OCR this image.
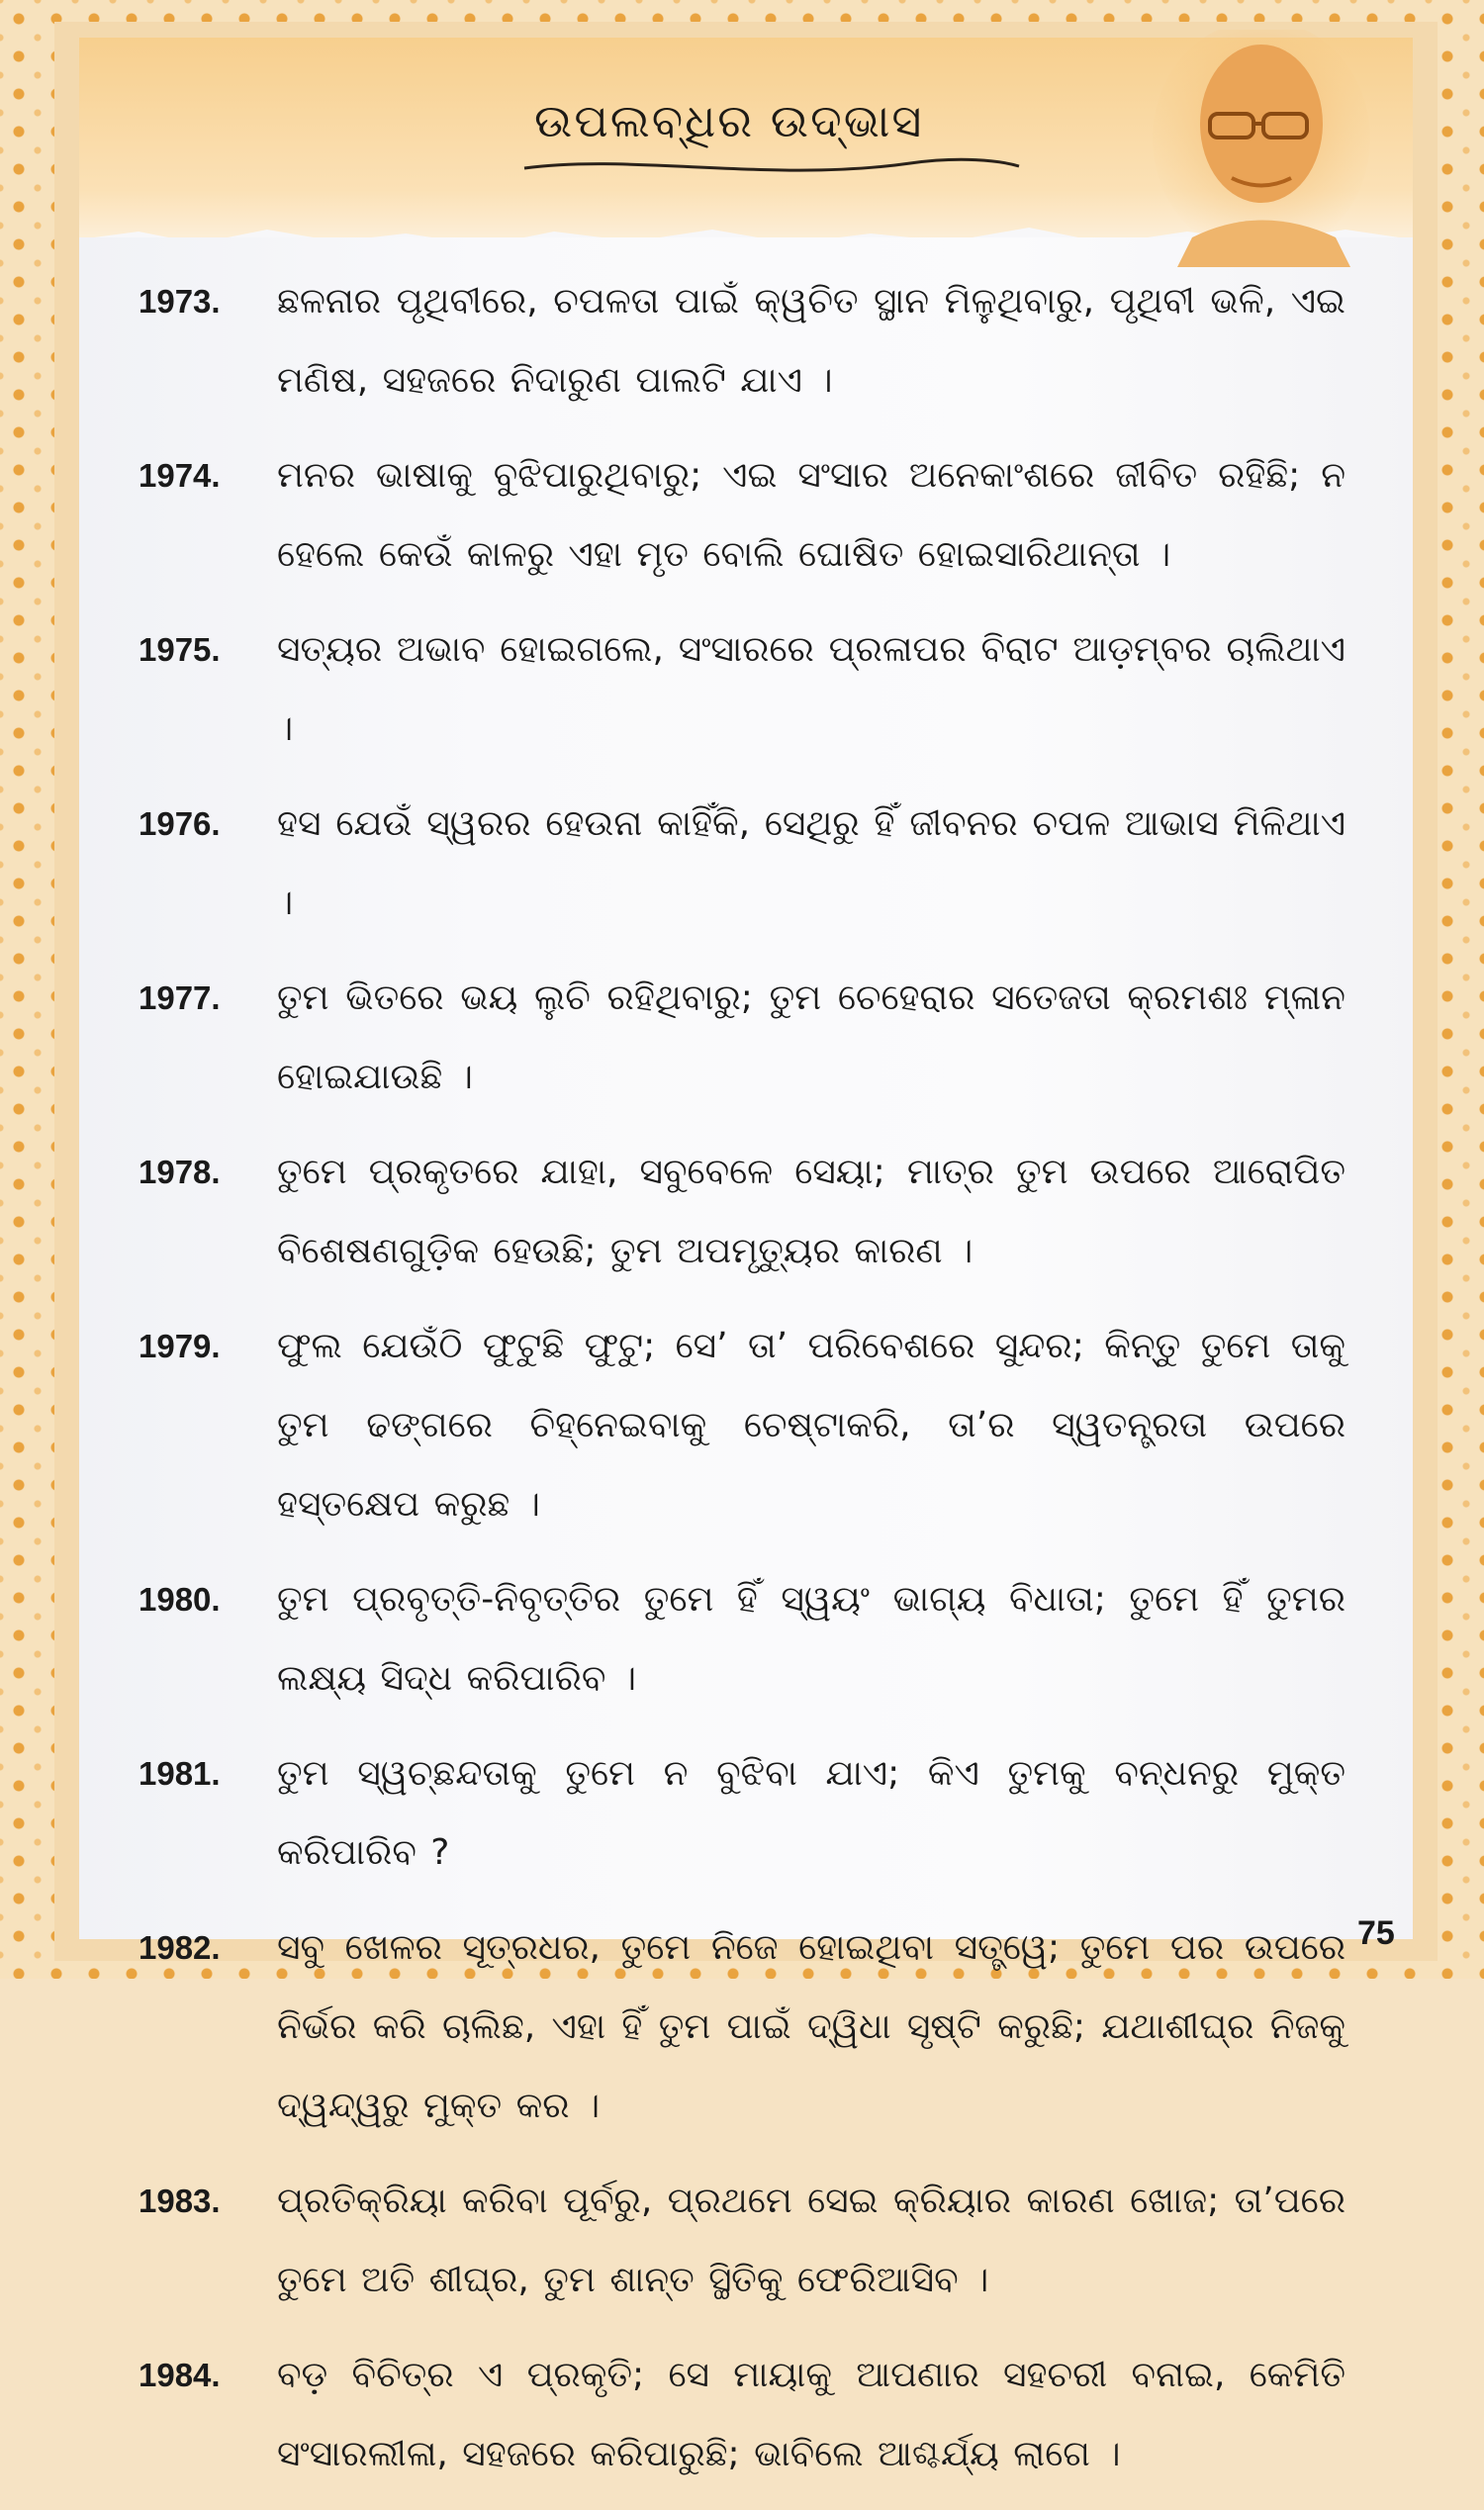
ଉପଲବ୍ଧିର ଉଦ୍‌ଭାସ
1973.	ଛଳନାର ପୃଥିବୀରେ, ଚପଳତା ପାଇଁ କ୍ୱଚିତ ସ୍ଥାନ ମିଳୁଥିବାରୁ, ପୃଥିବୀ ଭଳି, ଏଇ ମଣିଷ, ସହଜରେ ନିଦାରୁଣ ପାଲଟି ଯାଏ ।
1974.	ମନର ଭାଷାକୁ ବୁଝିପାରୁଥିବାରୁ; ଏଇ ସଂସାର ଅନେକାଂଶରେ ଜୀବିତ ରହିଛି; ନ ହେଲେ କେଉଁ କାଳରୁ ଏହା ମୃତ ବୋଲି ଘୋଷିତ ହୋଇସାରିଥାନ୍ତା ।
1975.	ସତ୍ୟର ଅଭାବ ହୋଇଗଲେ, ସଂସାରରେ ପ୍ରଳାପର ବିରାଟ ଆଡ଼ମ୍ବର ଚାଲିଥାଏ ।
1976.	ହସ ଯେଉଁ ସ୍ୱରର ହେଉନା କାହିଁକି, ସେଥିରୁ ହିଁ ଜୀବନର ଚପଳ ଆଭାସ ମିଳିଥାଏ ।
1977.	ତୁମ ଭିତରେ ଭୟ ଲୁଚି ରହିଥିବାରୁ; ତୁମ ଚେହେରାର ସତେଜତା କ୍ରମଶଃ ମ୍ଳାନ ହୋଇଯାଉଛି ।
1978.	ତୁମେ ପ୍ରକୃତରେ ଯାହା, ସବୁବେଳେ ସେୟା; ମାତ୍ର ତୁମ ଉପରେ ଆରୋପିତ ବିଶେଷଣଗୁଡ଼ିକ ହେଉଛି; ତୁମ ଅପମୃତ୍ୟୁର କାରଣ ।
1979.	ଫୁଲ ଯେଉଁଠି ଫୁଟୁଛି ଫୁଟୁ; ସେ’ ତା’ ପରିବେଶରେ ସୁନ୍ଦର; କିନ୍ତୁ ତୁମେ ତାକୁ ତୁମ ଢଙ୍ଗରେ ଚିହ୍ନେଇବାକୁ ଚେଷ୍ଟାକରି, ତା’ର ସ୍ୱତନ୍ତ୍ରତା ଉପରେ ହସ୍ତକ୍ଷେପ କରୁଛ ।
1980.	ତୁମ ପ୍ରବୃତ୍ତି-ନିବୃତ୍ତିର ତୁମେ ହିଁ ସ୍ୱୟଂ ଭାଗ୍ୟ ବିଧାତା; ତୁମେ ହିଁ ତୁମର ଲକ୍ଷ୍ୟ ସିଦ୍ଧ କରିପାରିବ ।
1981.	ତୁମ ସ୍ୱଚ୍ଛନ୍ଦତାକୁ ତୁମେ ନ ବୁଝିବା ଯାଏ; କିଏ ତୁମକୁ ବନ୍ଧନରୁ ମୁକ୍ତ କରିପାରିବ ?
1982.	ସବୁ ଖେଳର ସୂତ୍ରଧର, ତୁମେ ନିଜେ ହୋଇଥିବା ସତ୍ତ୍ୱେ; ତୁମେ ପର ଉପରେ ନିର୍ଭର କରି ଚାଲିଛ, ଏହା ହିଁ ତୁମ ପାଇଁ ଦ୍ୱିଧା ସୃଷ୍ଟି କରୁଛି; ଯଥାଶୀଘ୍ର ନିଜକୁ ଦ୍ୱନ୍ଦ୍ୱରୁ ମୁକ୍ତ କର ।
1983.	ପ୍ରତିକ୍ରିୟା କରିବା ପୂର୍ବରୁ, ପ୍ରଥମେ ସେଇ କ୍ରିୟାର କାରଣ ଖୋଜ; ତା’ପରେ ତୁମେ ଅତି ଶୀଘ୍ର, ତୁମ ଶାନ୍ତ ସ୍ଥିତିକୁ ଫେରିଆସିବ ।
1984.	ବଡ଼ ବିଚିତ୍ର ଏ ପ୍ରକୃତି; ସେ ମାୟାକୁ ଆପଣାର ସହଚରୀ ବନାଇ, କେମିତି ସଂସାରଲୀଳା, ସହଜରେ କରିପାରୁଛି; ଭାବିଲେ ଆଶ୍ଚର୍ଯ୍ୟ ଲାଗେ ।
75
